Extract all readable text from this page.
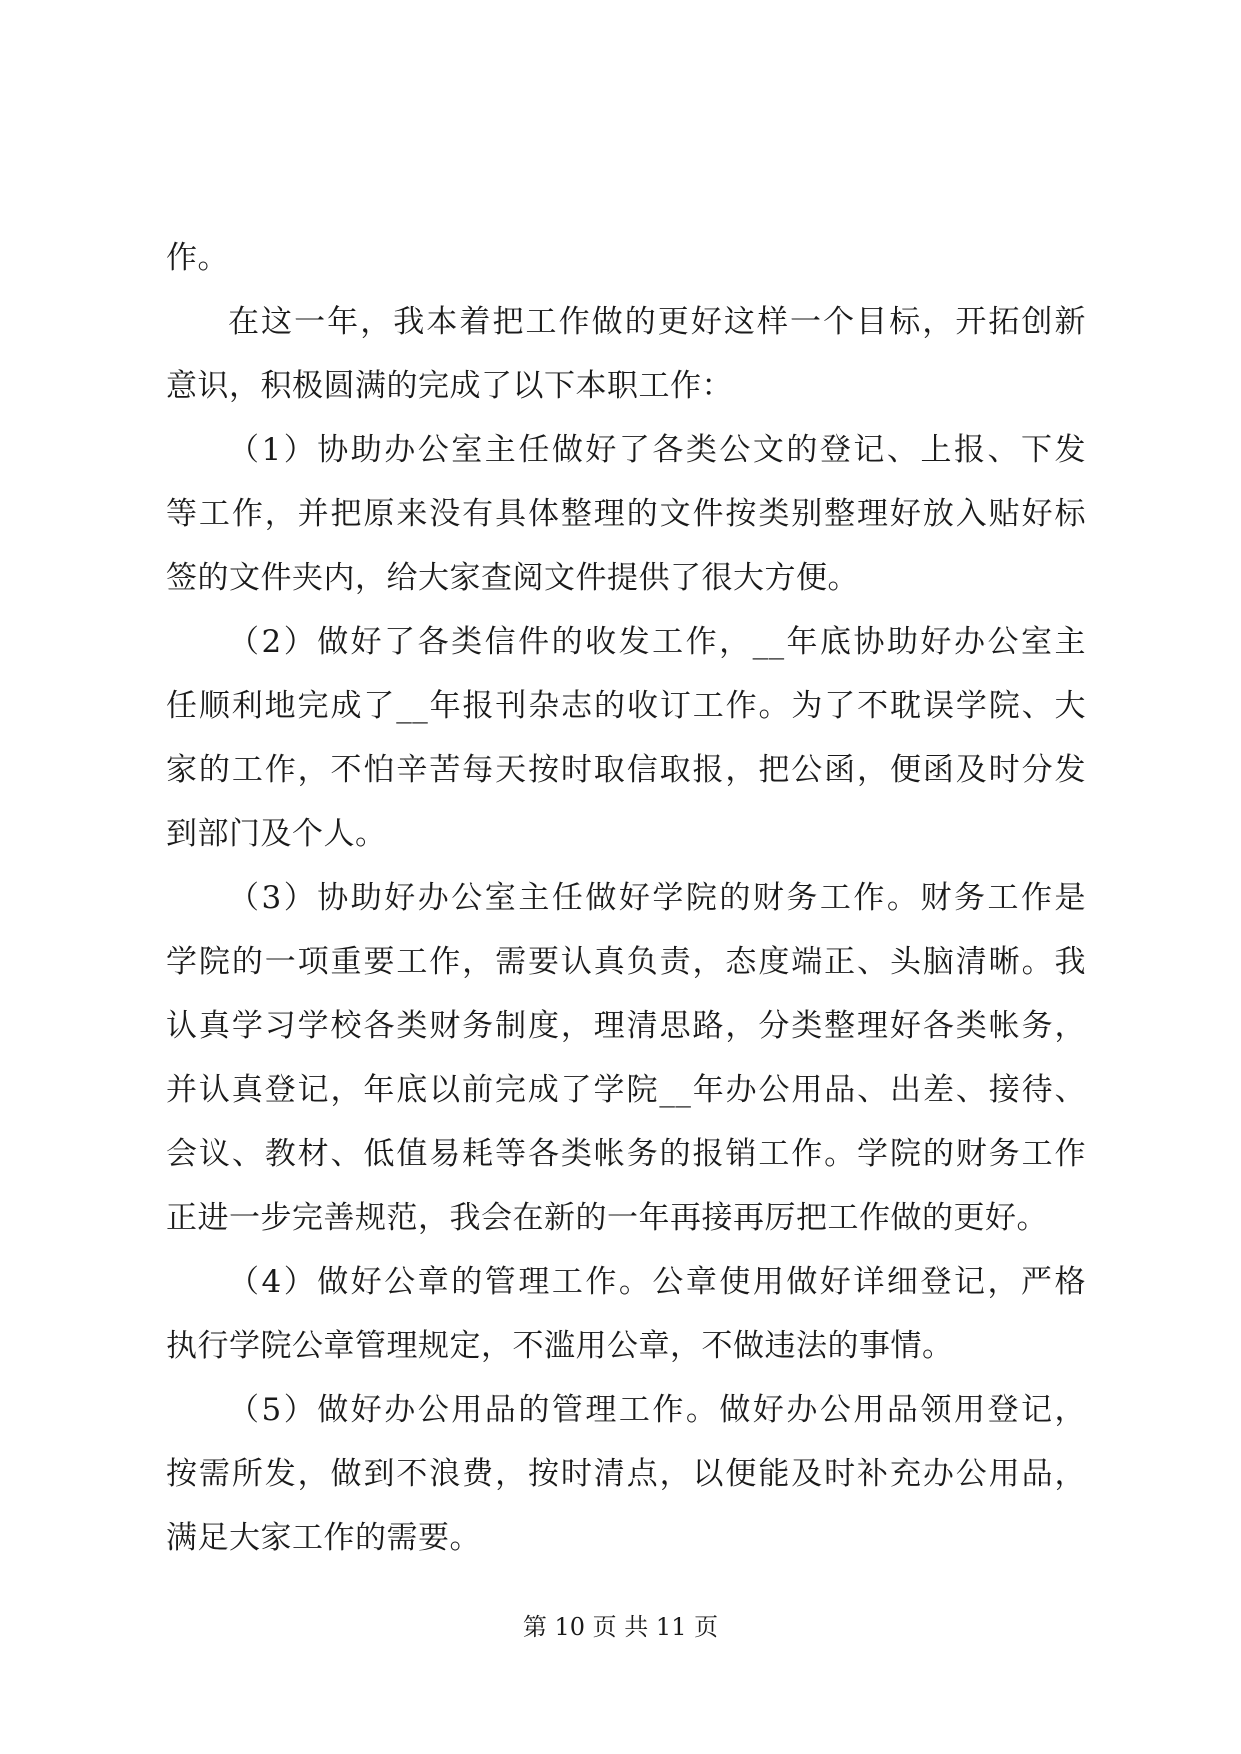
作。
在这一年，我本着把工作做的更好这样一个目标，开拓创新
意识，积极圆满的完成了以下本职工作：
（1）协助办公室主任做好了各类公文的登记、上报、下发
等工作，并把原来没有具体整理的文件按类别整理好放入贴好标
签的文件夹内，给大家查阅文件提供了很大方便。
（2）做好了各类信件的收发工作，__年底协助好办公室主
任顺利地完成了__年报刊杂志的收订工作。为了不耽误学院、大
家的工作，不怕辛苦每天按时取信取报，把公函，便函及时分发
到部门及个人。
（3）协助好办公室主任做好学院的财务工作。财务工作是
学院的一项重要工作，需要认真负责，态度端正、头脑清晰。我
认真学习学校各类财务制度，理清思路，分类整理好各类帐务，
并认真登记，年底以前完成了学院__年办公用品、出差、接待、
会议、教材、低值易耗等各类帐务的报销工作。学院的财务工作
正进一步完善规范，我会在新的一年再接再厉把工作做的更好。
（4）做好公章的管理工作。公章使用做好详细登记，严格
执行学院公章管理规定，不滥用公章，不做违法的事情。
（5）做好办公用品的管理工作。做好办公用品领用登记，
按需所发，做到不浪费，按时清点，以便能及时补充办公用品，
满足大家工作的需要。
第 10 页 共 11 页
